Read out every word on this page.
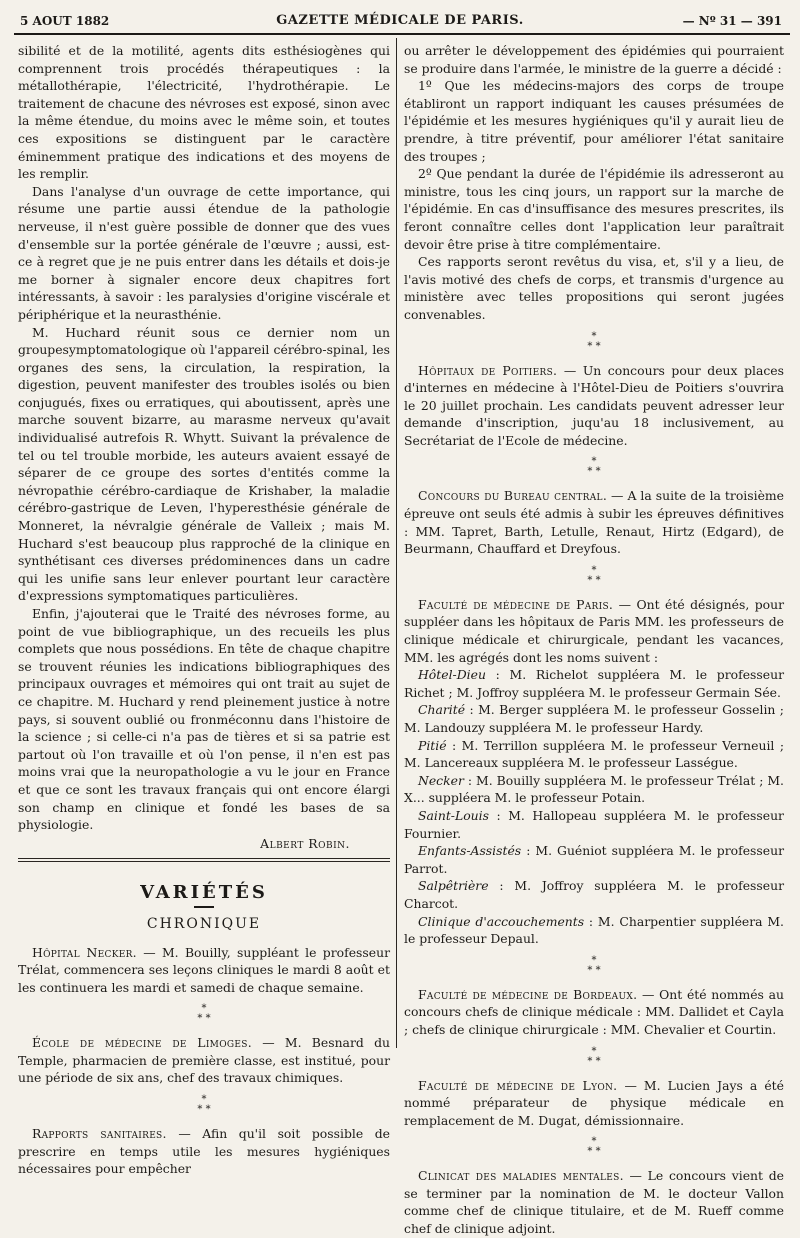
5 AOUT 1882	GAZETTE MÉDICALE DE PARIS.	— Nº 31 — 391

sibilité et de la motilité, agents dits esthésiogènes qui comprennent trois procédés thérapeutiques : la métallothérapie, l'électricité, l'hydrothérapie. Le traitement de chacune des névroses est exposé, sinon avec la même étendue, du moins avec le même soin, et toutes ces expositions se distinguent par le caractère éminemment pratique des indications et des moyens de les remplir.

Dans l'analyse d'un ouvrage de cette importance, qui résume une partie aussi étendue de la pathologie nerveuse, il n'est guère possible de donner que des vues d'ensemble sur la portée générale de l'œuvre ; aussi, est-ce à regret que je ne puis entrer dans les détails et dois-je me borner à signaler encore deux chapitres fort intéressants, à savoir : les paralysies d'origine viscérale et périphérique et la neurasthénie.

M. Huchard réunit sous ce dernier nom un groupesymptomatologique où l'appareil cérébro-spinal, les organes des sens, la circulation, la respiration, la digestion, peuvent manifester des troubles isolés ou bien conjugués, fixes ou erratiques, qui aboutissent, après une marche souvent bizarre, au marasme nerveux qu'avait individualisé autrefois R. Whytt. Suivant la prévalence de tel ou tel trouble morbide, les auteurs avaient essayé de séparer de ce groupe des sortes d'entités comme la névropathie cérébro-cardiaque de Krishaber, la maladie cérébro-gastrique de Leven, l'hyperesthésie générale de Monneret, la névralgie générale de Valleix ; mais M. Huchard s'est beaucoup plus rapproché de la clinique en synthétisant ces diverses prédominences dans un cadre qui les unifie sans leur enlever pourtant leur caractère d'expressions symptomatiques particulières.

Enfin, j'ajouterai que le Traité des névroses forme, au point de vue bibliographique, un des recueils les plus complets que nous possédions. En tête de chaque chapitre se trouvent réunies les indications bibliographiques des principaux ouvrages et mémoires qui ont trait au sujet de ce chapitre. M. Huchard y rend pleinement justice à notre pays, si souvent oublié ou fronméconnu dans l'histoire de la science ; si celle-ci n'a pas de tières et si sa patrie est partout où l'on travaille et où l'on pense, il n'en est pas moins vrai que la neuropathologie a vu le jour en France et que ce sont les travaux français qui ont encore élargi son champ en clinique et fondé les bases de sa physiologie.

Albert Robin.

VARIÉTÉS
CHRONIQUE

Hôpital Necker. — M. Bouilly, suppléant le professeur Trélat, commencera ses leçons cliniques le mardi 8 août et les continuera les mardi et samedi de chaque semaine.

*
* *

École de médecine de Limoges. — M. Besnard du Temple, pharmacien de première classe, est institué, pour une période de six ans, chef des travaux chimiques.

*
* *

Rapports sanitaires. — Afin qu'il soit possible de prescrire en temps utile les mesures hygiéniques nécessaires pour empêcher

ou arrêter le développement des épidémies qui pourraient se produire dans l'armée, le ministre de la guerre a décidé :

1º Que les médecins-majors des corps de troupe établiront un rapport indiquant les causes présumées de l'épidémie et les mesures hygiéniques qu'il y aurait lieu de prendre, à titre préventif, pour améliorer l'état sanitaire des troupes ;

2º Que pendant la durée de l'épidémie ils adresseront au ministre, tous les cinq jours, un rapport sur la marche de l'épidémie. En cas d'insuffisance des mesures prescrites, ils feront connaître celles dont l'application leur paraîtrait devoir être prise à titre complémentaire.

Ces rapports seront revêtus du visa, et, s'il y a lieu, de l'avis motivé des chefs de corps, et transmis d'urgence au ministère avec telles propositions qui seront jugées convenables.

*
* *

Hôpitaux de Poitiers. — Un concours pour deux places d'internes en médecine à l'Hôtel-Dieu de Poitiers s'ouvrira le 20 juillet prochain. Les candidats peuvent adresser leur demande d'inscription, juqu'au 18 inclusivement, au Secrétariat de l'Ecole de médecine.

*
* *

Concours du Bureau central. — A la suite de la troisième épreuve ont seuls été admis à subir les épreuves définitives : MM. Tapret, Barth, Letulle, Renaut, Hirtz (Edgard), de Beurmann, Chauffard et Dreyfous.

*
* *

Faculté de médecine de Paris. — Ont été désignés, pour suppléer dans les hôpitaux de Paris MM. les professeurs de clinique médicale et chirurgicale, pendant les vacances, MM. les agrégés dont les noms suivent :

Hôtel-Dieu : M. Richelot suppléera M. le professeur Richet ; M. Joffroy suppléera M. le professeur Germain Sée.

Charité : M. Berger suppléera M. le professeur Gosselin ; M. Landouzy suppléera M. le professeur Hardy.

Pitié : M. Terrillon suppléera M. le professeur Verneuil ; M. Lancereaux suppléera M. le professeur Lasségue.

Necker : M. Bouilly suppléera M. le professeur Trélat ; M. X... suppléera M. le professeur Potain.

Saint-Louis : M. Hallopeau suppléera M. le professeur Fournier.

Enfants-Assistés : M. Guéniot suppléera M. le professeur Parrot.

Salpêtrière : M. Joffroy suppléera M. le professeur Charcot.

Clinique d'accouchements : M. Charpentier suppléera M. le professeur Depaul.

*
* *

Faculté de médecine de Bordeaux. — Ont été nommés au concours chefs de clinique médicale : MM. Dallidet et Cayla ; chefs de clinique chirurgicale : MM. Chevalier et Courtin.

*
* *

Faculté de médecine de Lyon. — M. Lucien Jays a été nommé préparateur de physique médicale en remplacement de M. Dugat, démissionnaire.

*
* *

Clinicat des maladies mentales. — Le concours vient de se terminer par la nomination de M. le docteur Vallon comme chef de clinique titulaire, et de M. Rueff comme chef de clinique adjoint.
